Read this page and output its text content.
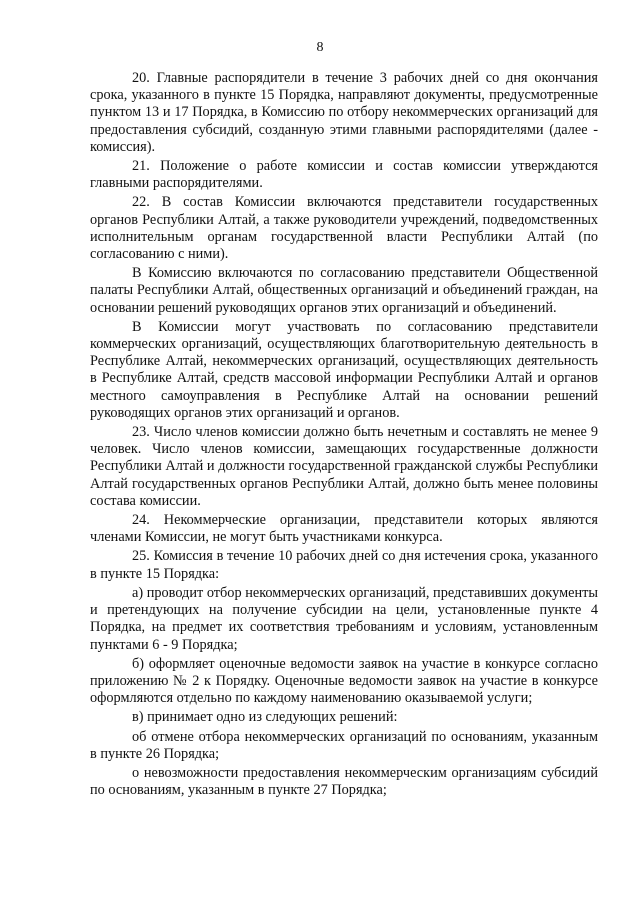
8

20. Главные распорядители в течение 3 рабочих дней со дня окончания срока, указанного в пункте 15 Порядка, направляют документы, предусмотренные пунктом 13 и 17 Порядка, в Комиссию по отбору некоммерческих организаций для предоставления субсидий, созданную этими главными распорядителями (далее - комиссия).

21. Положение о работе комиссии и состав комиссии утверждаются главными распорядителями.

22. В состав Комиссии включаются представители государственных органов Республики Алтай, а также руководители учреждений, подведомственных исполнительным органам государственной власти Республики Алтай (по согласованию с ними).

В Комиссию включаются по согласованию представители Общественной палаты Республики Алтай, общественных организаций и объединений граждан, на основании решений руководящих органов этих организаций и объединений.

В Комиссии могут участвовать по согласованию представители коммерческих организаций, осуществляющих благотворительную деятельность в Республике Алтай, некоммерческих организаций, осуществляющих деятельность в Республике Алтай, средств массовой информации Республики Алтай и органов местного самоуправления в Республике Алтай на основании решений руководящих органов этих организаций и органов.

23. Число членов комиссии должно быть нечетным и составлять не менее 9 человек. Число членов комиссии, замещающих государственные должности Республики Алтай и должности государственной гражданской службы Республики Алтай государственных органов Республики Алтай, должно быть менее половины состава комиссии.

24. Некоммерческие организации, представители которых являются членами Комиссии, не могут быть участниками конкурса.

25. Комиссия в течение 10 рабочих дней со дня истечения срока, указанного в пункте 15 Порядка:

а) проводит отбор некоммерческих организаций, представивших документы и претендующих на получение субсидии на цели, установленные пункте 4 Порядка, на предмет их соответствия требованиям и условиям, установленным пунктами 6 - 9 Порядка;

б) оформляет оценочные ведомости заявок на участие в конкурсе согласно приложению № 2 к Порядку. Оценочные ведомости заявок на участие в конкурсе оформляются отдельно по каждому наименованию оказываемой услуги;

в) принимает одно из следующих решений:

об отмене отбора некоммерческих организаций по основаниям, указанным в пункте 26 Порядка;

о невозможности предоставления некоммерческим организациям субсидий по основаниям, указанным в пункте 27 Порядка;
